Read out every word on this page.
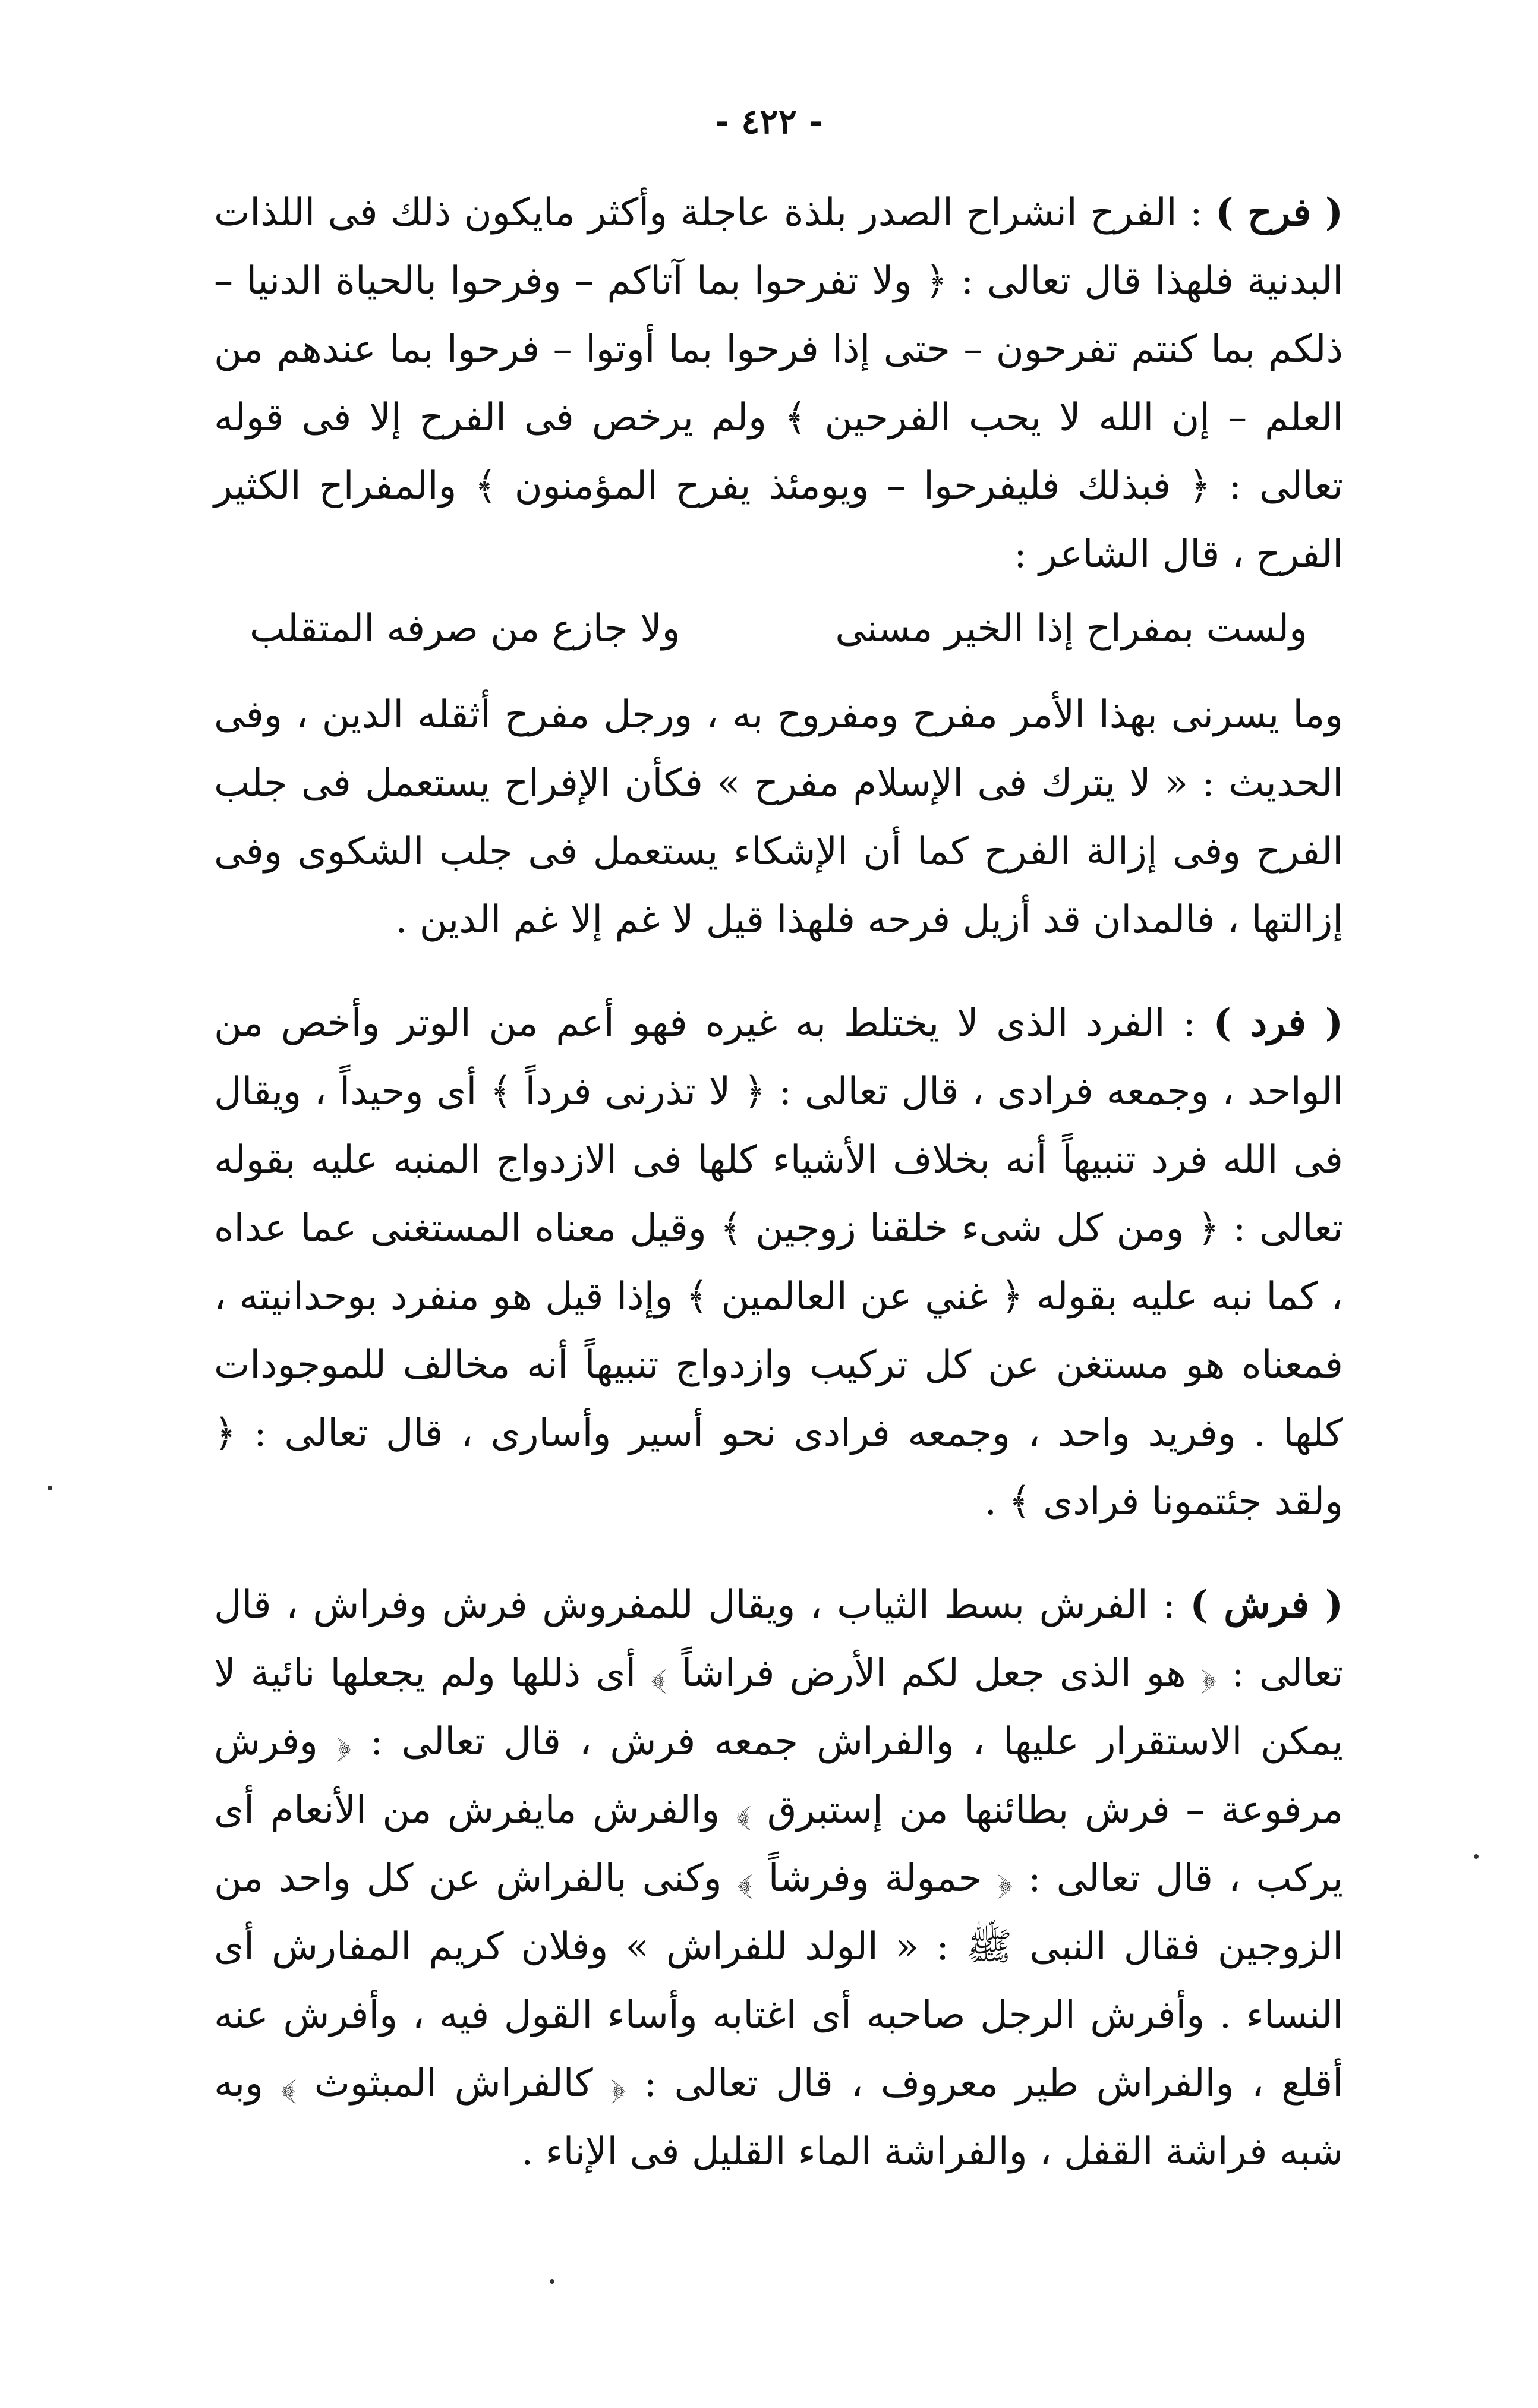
- ٤٢٢ -

( فرح ) : الفرح انشراح الصدر بلذة عاجلة وأكثر مايكون ذلك فى اللذات البدنية فلهذا قال تعالى : ﴿ ولا تفرحوا بما آتاكم – وفرحوا بالحياة الدنيا – ذلكم بما كنتم تفرحون – حتى إذا فرحوا بما أوتوا – فرحوا بما عندهم من العلم – إن الله لا يحب الفرحين ﴾ ولم يرخص فى الفرح إلا فى قوله تعالى : ﴿ فبذلك فليفرحوا – ويومئذ يفرح المؤمنون ﴾ والمفراح الكثير الفرح ، قال الشاعر :

ولست بمفراح إذا الخير مسنى
ولا جازع من صرفه المتقلب

وما يسرنى بهذا الأمر مفرح ومفروح به ، ورجل مفرح أثقله الدين ، وفى الحديث : « لا يترك فى الإسلام مفرح » فكأن الإفراح يستعمل فى جلب الفرح وفى إزالة الفرح كما أن الإشكاء يستعمل فى جلب الشكوى وفى إزالتها ، فالمدان قد أزيل فرحه فلهذا قيل لا غم إلا غم الدين .

( فرد ) : الفرد الذى لا يختلط به غيره فهو أعم من الوتر وأخص من الواحد ، وجمعه فرادى ، قال تعالى : ﴿ لا تذرنى فرداً ﴾ أى وحيداً ، ويقال فى الله فرد تنبيهاً أنه بخلاف الأشياء كلها فى الازدواج المنبه عليه بقوله تعالى : ﴿ ومن كل شىء خلقنا زوجين ﴾ وقيل معناه المستغنى عما عداه ، كما نبه عليه بقوله ﴿ غني عن العالمين ﴾ وإذا قيل هو منفرد بوحدانيته ، فمعناه هو مستغن عن كل تركيب وازدواج تنبيهاً أنه مخالف للموجودات كلها . وفريد واحد ، وجمعه فرادى نحو أسير وأسارى ، قال تعالى : ﴿ ولقد جئتمونا فرادى ﴾ .

( فرش ) : الفرش بسط الثياب ، ويقال للمفروش فرش وفراش ، قال تعالى : ﴿ هو الذى جعل لكم الأرض فراشاً ﴾ أى ذللها ولم يجعلها نائية لا يمكن الاستقرار عليها ، والفراش جمعه فرش ، قال تعالى : ﴿ وفرش مرفوعة – فرش بطائنها من إستبرق ﴾ والفرش مايفرش من الأنعام أى يركب ، قال تعالى : ﴿ حمولة وفرشاً ﴾ وكنى بالفراش عن كل واحد من الزوجين فقال النبى ﷺ : « الولد للفراش » وفلان كريم المفارش أى النساء . وأفرش الرجل صاحبه أى اغتابه وأساء القول فيه ، وأفرش عنه أقلع ، والفراش طير معروف ، قال تعالى : ﴿ كالفراش المبثوث ﴾ وبه شبه فراشة القفل ، والفراشة الماء القليل فى الإناء .
